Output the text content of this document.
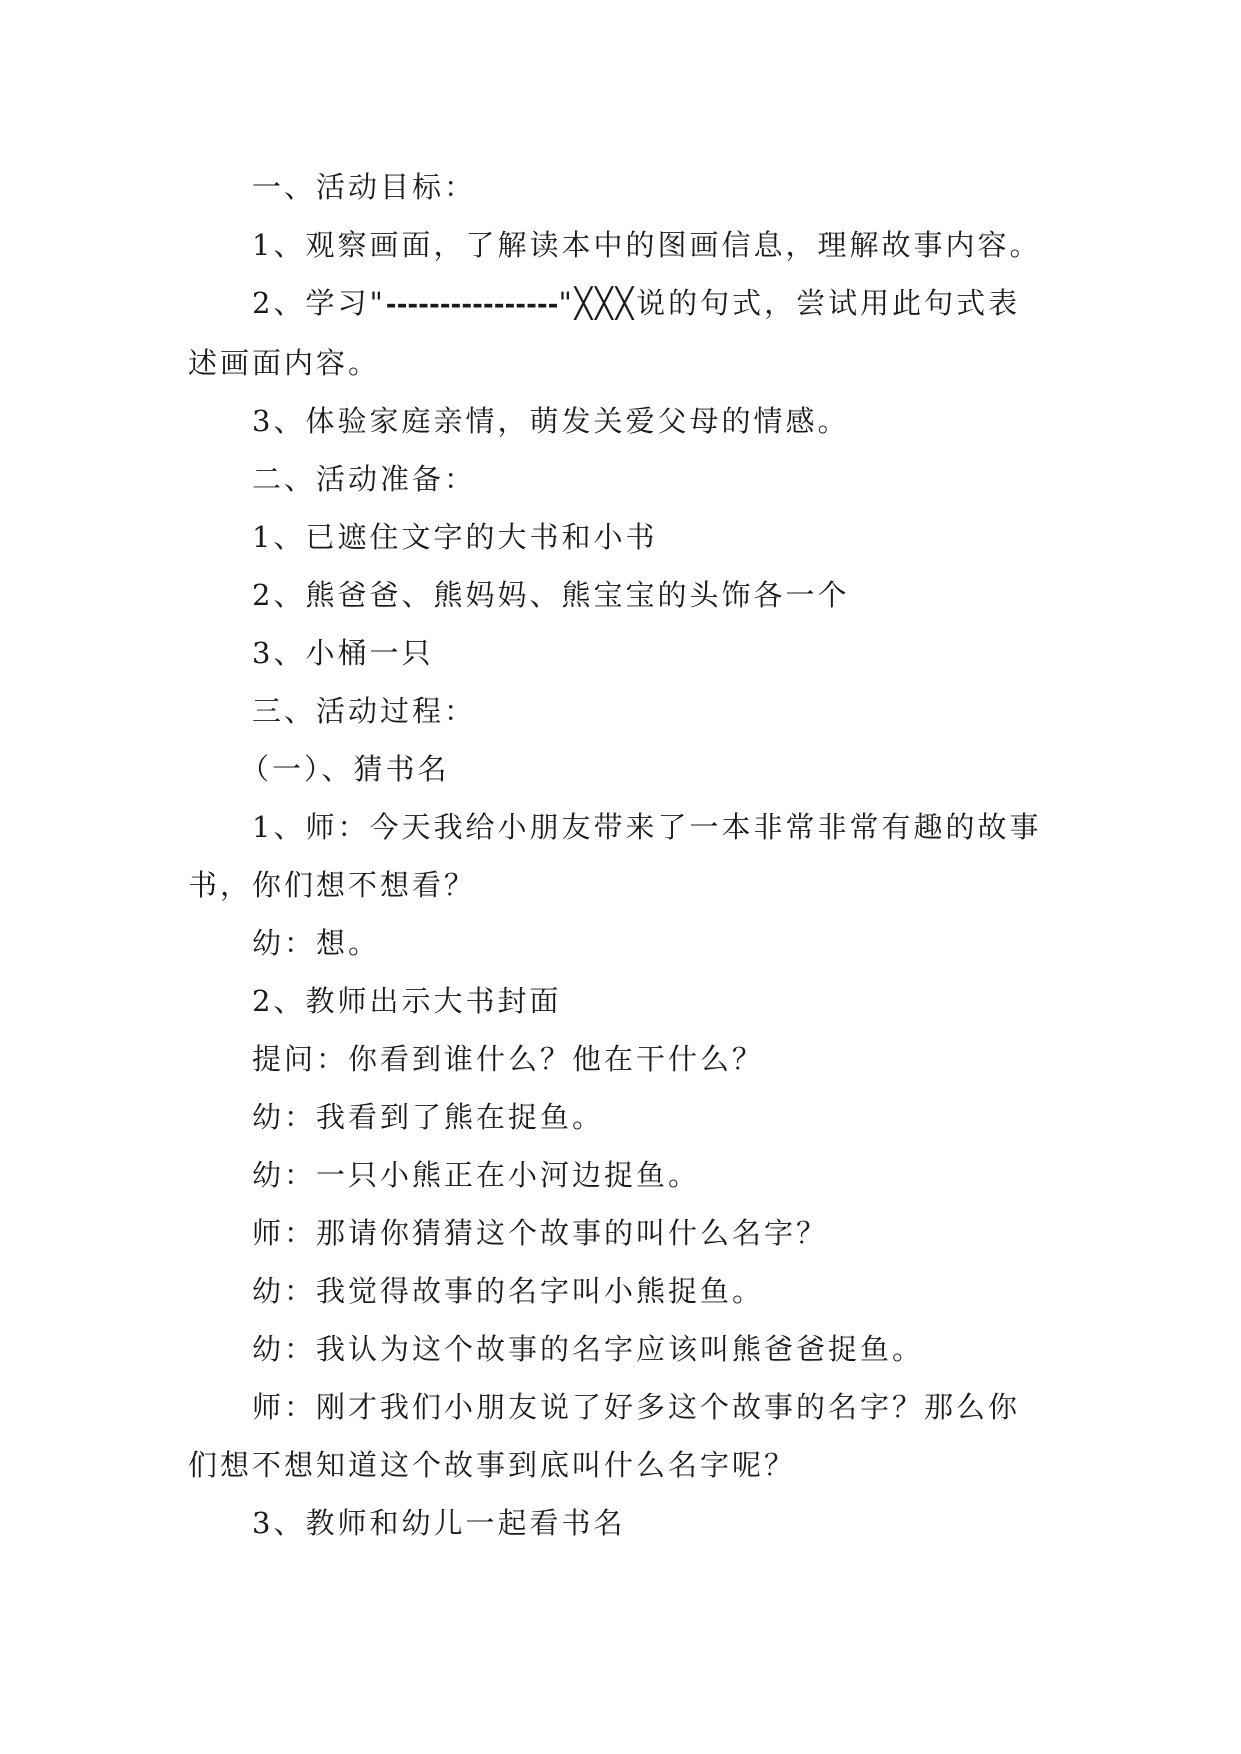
一、活动目标：

1、观察画面，了解读本中的图画信息，理解故事内容。

2、学习"----------------"╳╳╳说的句式，尝试用此句式表述画面内容。

3、体验家庭亲情，萌发关爱父母的情感。

二、活动准备：

1、已遮住文字的大书和小书

2、熊爸爸、熊妈妈、熊宝宝的头饰各一个

3、小桶一只

三、活动过程：

（一）、猜书名

1、师：今天我给小朋友带来了一本非常非常有趣的故事书，你们想不想看？

幼：想。

2、教师出示大书封面

提问：你看到谁什么？他在干什么？

幼：我看到了熊在捉鱼。

幼：一只小熊正在小河边捉鱼。

师：那请你猜猜这个故事的叫什么名字？

幼：我觉得故事的名字叫小熊捉鱼。

幼：我认为这个故事的名字应该叫熊爸爸捉鱼。

师：刚才我们小朋友说了好多这个故事的名字？那么你们想不想知道这个故事到底叫什么名字呢？

3、教师和幼儿一起看书名
